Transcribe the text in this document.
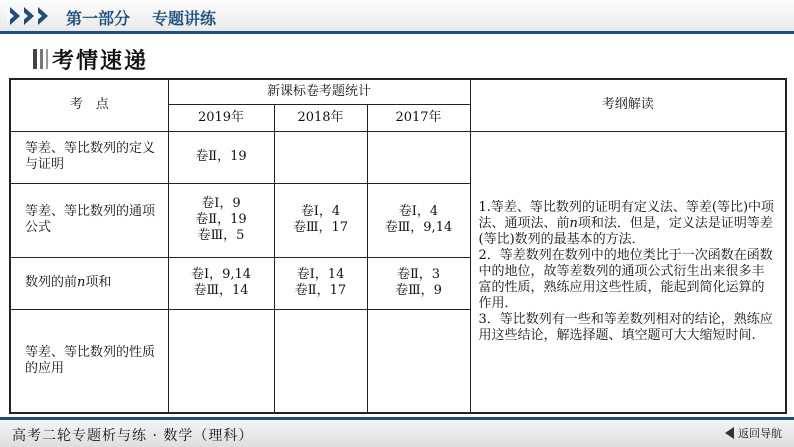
第一部分 专题讲练
考情速递
考　点	新课标卷考题统计			考纲解读
	2019年	2018年	2017年	
等差、等比数列的定义与证明	卷Ⅱ，19			1.等差、等比数列的证明有定义法、等差(等比)中项法、通项法、前n项和法．但是，定义法是证明等差(等比)数列的最基本的方法．

2．等差数列在数列中的地位类比于一次函数在函数中的地位，故等差数列的通项公式衍生出来很多丰富的性质，熟练应用这些性质，能起到简化运算的作用．

3．等比数列有一些和等差数列相对的结论，熟练应用这些结论，解选择题、填空题可大大缩短时间.

等差、等比数列的通项公式	卷Ⅰ，9
卷Ⅱ，19
卷Ⅲ，5	卷Ⅰ，4
卷Ⅲ，17	卷Ⅰ，4
卷Ⅲ，9,14	

数列的前n项和	卷Ⅰ，9,14
卷Ⅲ，14	卷Ⅰ，14
卷Ⅱ，17	卷Ⅱ，3
卷Ⅲ，9	

等差、等比数列的性质的应用				
高考二轮专题析与练 · 数学（理科）	返回导航
